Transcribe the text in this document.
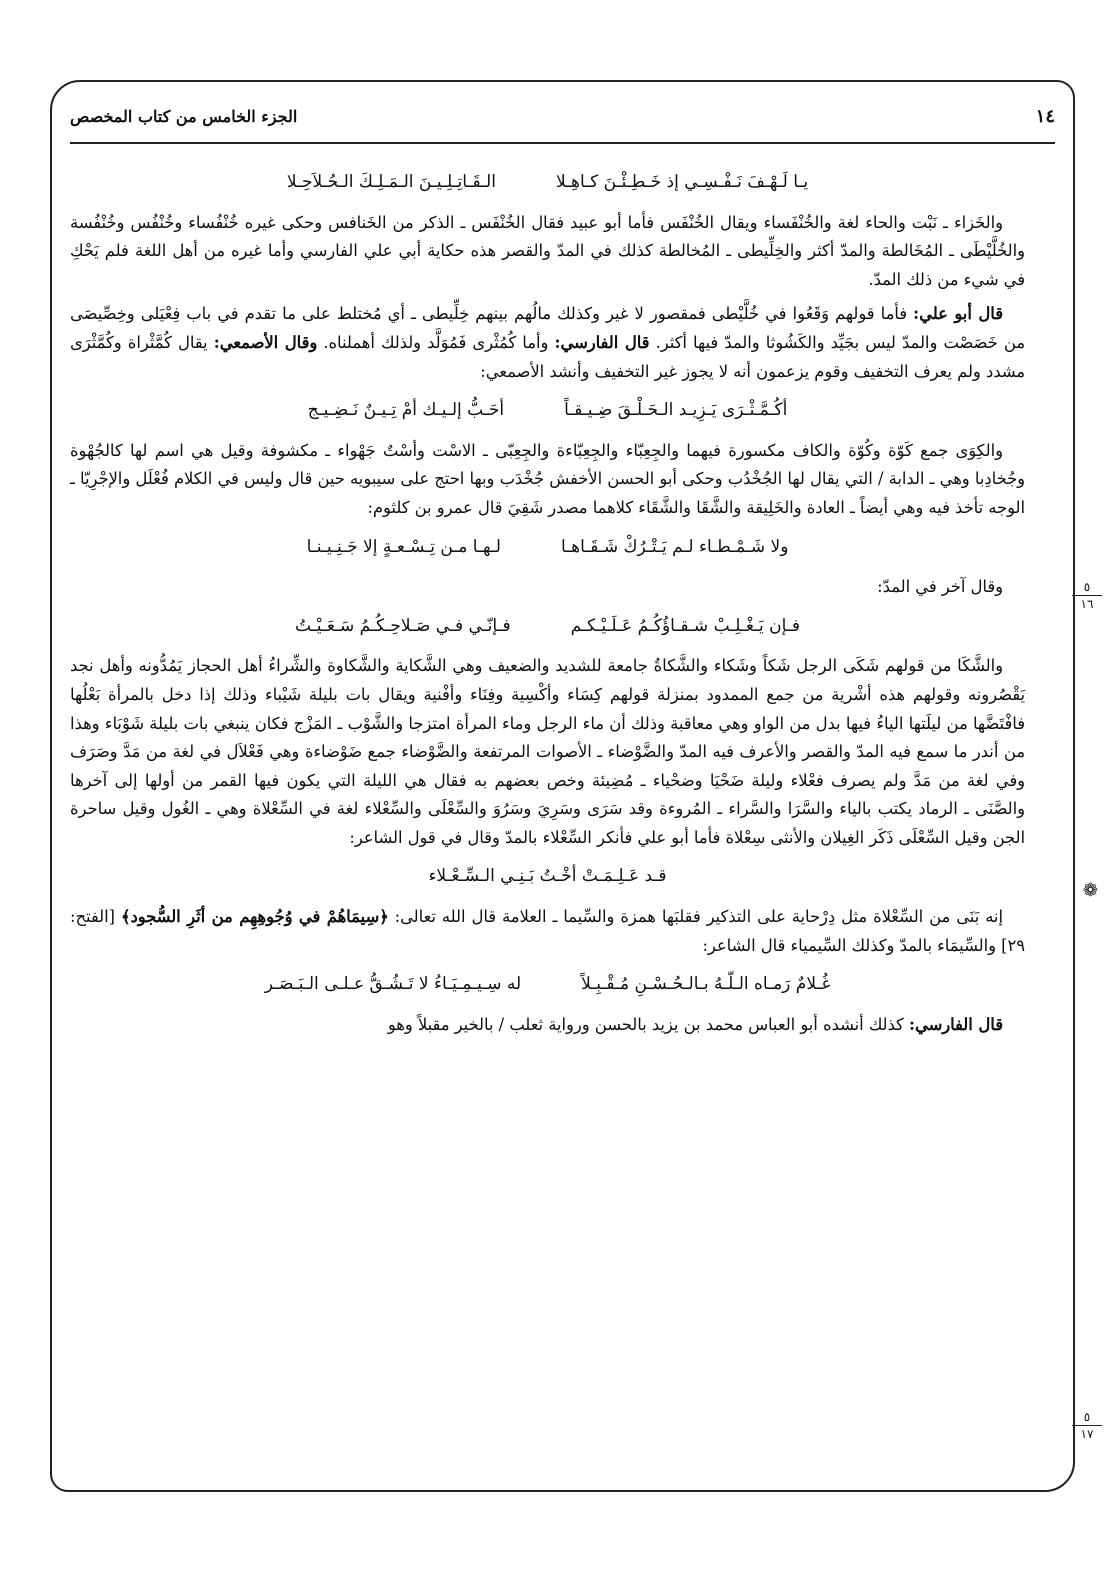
١٤
الجزء الخامس من كتاب المخصص
يـا لَـهْـفَ نَـفْـسِـي إذ خَـطِـئْـنَ كـاهِـلا
الـقَـاتِـلِـيـنَ الـمَـلِـكَ الـحُـلاَحِـلا

والخَزاء ـ نَبْت والحاء لغة والخُنْفَساء ويقال الخُنْفَس فأما أبو عبيد فقال الخُنْفَس ـ الذكر من الخَنافس وحكى غيره خُنْفُساء وخُنْفُس وخُنْفُسة والخُلَّيْطَى ـ المُخَالطة والمدّ أكثر والخِلِّيطى ـ المُخالطة كذلك في المدّ والقصر هذه حكاية أبي علي الفارسي وأما غيره من أهل اللغة فلم يَحْكِ في شيء من ذلك المدّ.

قال أبو علي: فأما قولهم وَقَعُوا في خُلَّيْطى فمقصور لا غير وكذلك مالُهم بينهم خِلِّيطى ـ أي مُختلط على ما تقدم في باب فِعْيَلى وخِصِّيصَى من خَصَصْت والمدّ ليس بجَيِّد والكَشُوثا والمدّ فيها أكثر. قال الفارسي: وأما كُمُثْرى فَمُوَلَّد ولذلك أهملناه. وقال الأصمعي: يقال كُمَّثْراة وكُمَّثْرَى مشدد ولم يعرف التخفيف وقوم يزعمون أنه لا يجوز غير التخفيف وأنشد الأصمعي:

أكُـمَّـثْـرَى يَـزِيـد الـحَـلْـقَ ضِـيـقـاً
أحَـبُّ إلـيـك أمْ تِـيـنٌ نَـضِـيـج

والكِوَى جمع كَوّة وكُوّة والكاف مكسورة فيهما والجِعِبّاء والجِعِبّاءة والجِعِبّى ـ الاسْت وأسْتٌ جَهْواء ـ مكشوفة وقيل هي اسم لها كالجُهْوة وجُخادِبا وهي ـ الدابة / التي يقال لها الجُخْدُب وحكى أبو الحسن الأخفش جُخْدَب وبها احتج على سيبويه حين قال وليس في الكلام فُعْلَل والإجْرِيّا ـ الوجه تأخذ فيه وهي أيضاً ـ العادة والخَلِيقة والشَّقَا والشَّقَاء كلاهما مصدر شَقِيَ قال عمرو بن كلثوم:

ولا شَـمْـطـاء لـم يَـتْـرُكْ شَـقَـاهـا
لـهـا مـن تِـسْـعـةٍ إلا جَـنِـيـنـا

وقال آخر في المدّ:

فـإن يَـغْـلِـبْ شـقـاؤُكُـمُ عَـلَـيْـكـم
فـإنّـي فـي صَـلاحِـكُـمُ سَـعَـيْـتُ

والشَّكَا من قولهم شَكَى الرجل شَكاً وشَكاء والشَّكاةُ جامعة للشديد والضعيف وهي الشَّكاية والشَّكاوة والشِّراءُ أهل الحجاز يَمُدُّونه وأهل نجد يَقْصُرونه وقولهم هذه أشْرية من جمع الممدود بمنزلة قولهم كِسَاء وأكْسِية وفِنَاء وأفْنية ويقال بات بليلة شَيْباء وذلك إذا دخل بالمرأة بَعْلُها فافْتَضَّها من ليلَتها الياءُ فيها بدل من الواو وهي معاقبة وذلك أن ماء الرجل وماء المرأة امتزجا والشَّوْب ـ المَزْج فكان ينبغي بات بليلة شَوْبَاء وهذا من أندر ما سمع فيه المدّ والقصر والأعرف فيه المدّ والضَّوْضاء ـ الأصوات المرتفعة والضَّوْضاء جمع ضَوْضاءة وهي فَعْلاَل في لغة من مَدَّ وصَرَف وفي لغة من مَدَّ ولم يصرف فعْلاء وليلة ضَحْيَا وضحْياء ـ مُضِيئة وخص بعضهم به فقال هي الليلة التي يكون فيها القمر من أولها إلى آخرها والصَّنَى ـ الرماد يكتب بالياء والسَّرَا والسَّراء ـ المُروءة وقد سَرَى وسَرِيَ وسَرُوَ والسِّعْلَى والسِّعْلاء لغة في السِّعْلاة وهي ـ الغُول وقيل ساحرة الجن وقيل السِّعْلَى ذَكَر الغِيلان والأنثى سِعْلاة فأما أبو علي فأنكر السِّعْلاء بالمدّ وقال في قول الشاعر:

قـد عَـلِـمَـتْ أخْـتُ بَـنِـي الـسِّـعْـلاء

إنه بَنَى من السِّعْلاة مثل دِرْحاية على التذكير فقلبَها همزة والسِّيما ـ العلامة قال الله تعالى: ﴿سِيمَاهُمْ في وُجُوهِهِم من أثَرِ السُّجود﴾ [الفتح: ٢٩] والسِّيمَاء بالمدّ وكذلك السِّيمياء قال الشاعر:

غُـلامٌ رَمـاه الـلّـهُ بـالـحُـسْـنِ مُـقْـبِـلاً
له سِـيـمِـيَـاءُ لا تَـشُـقُّ عـلـى الـبَـصَـر

قال الفارسي: كذلك أنشده أبو العباس محمد بن يزيد بالحسن ورواية ثعلب / بالخير مقبلاً وهو

٥
١٦
❁
٥
١٧
